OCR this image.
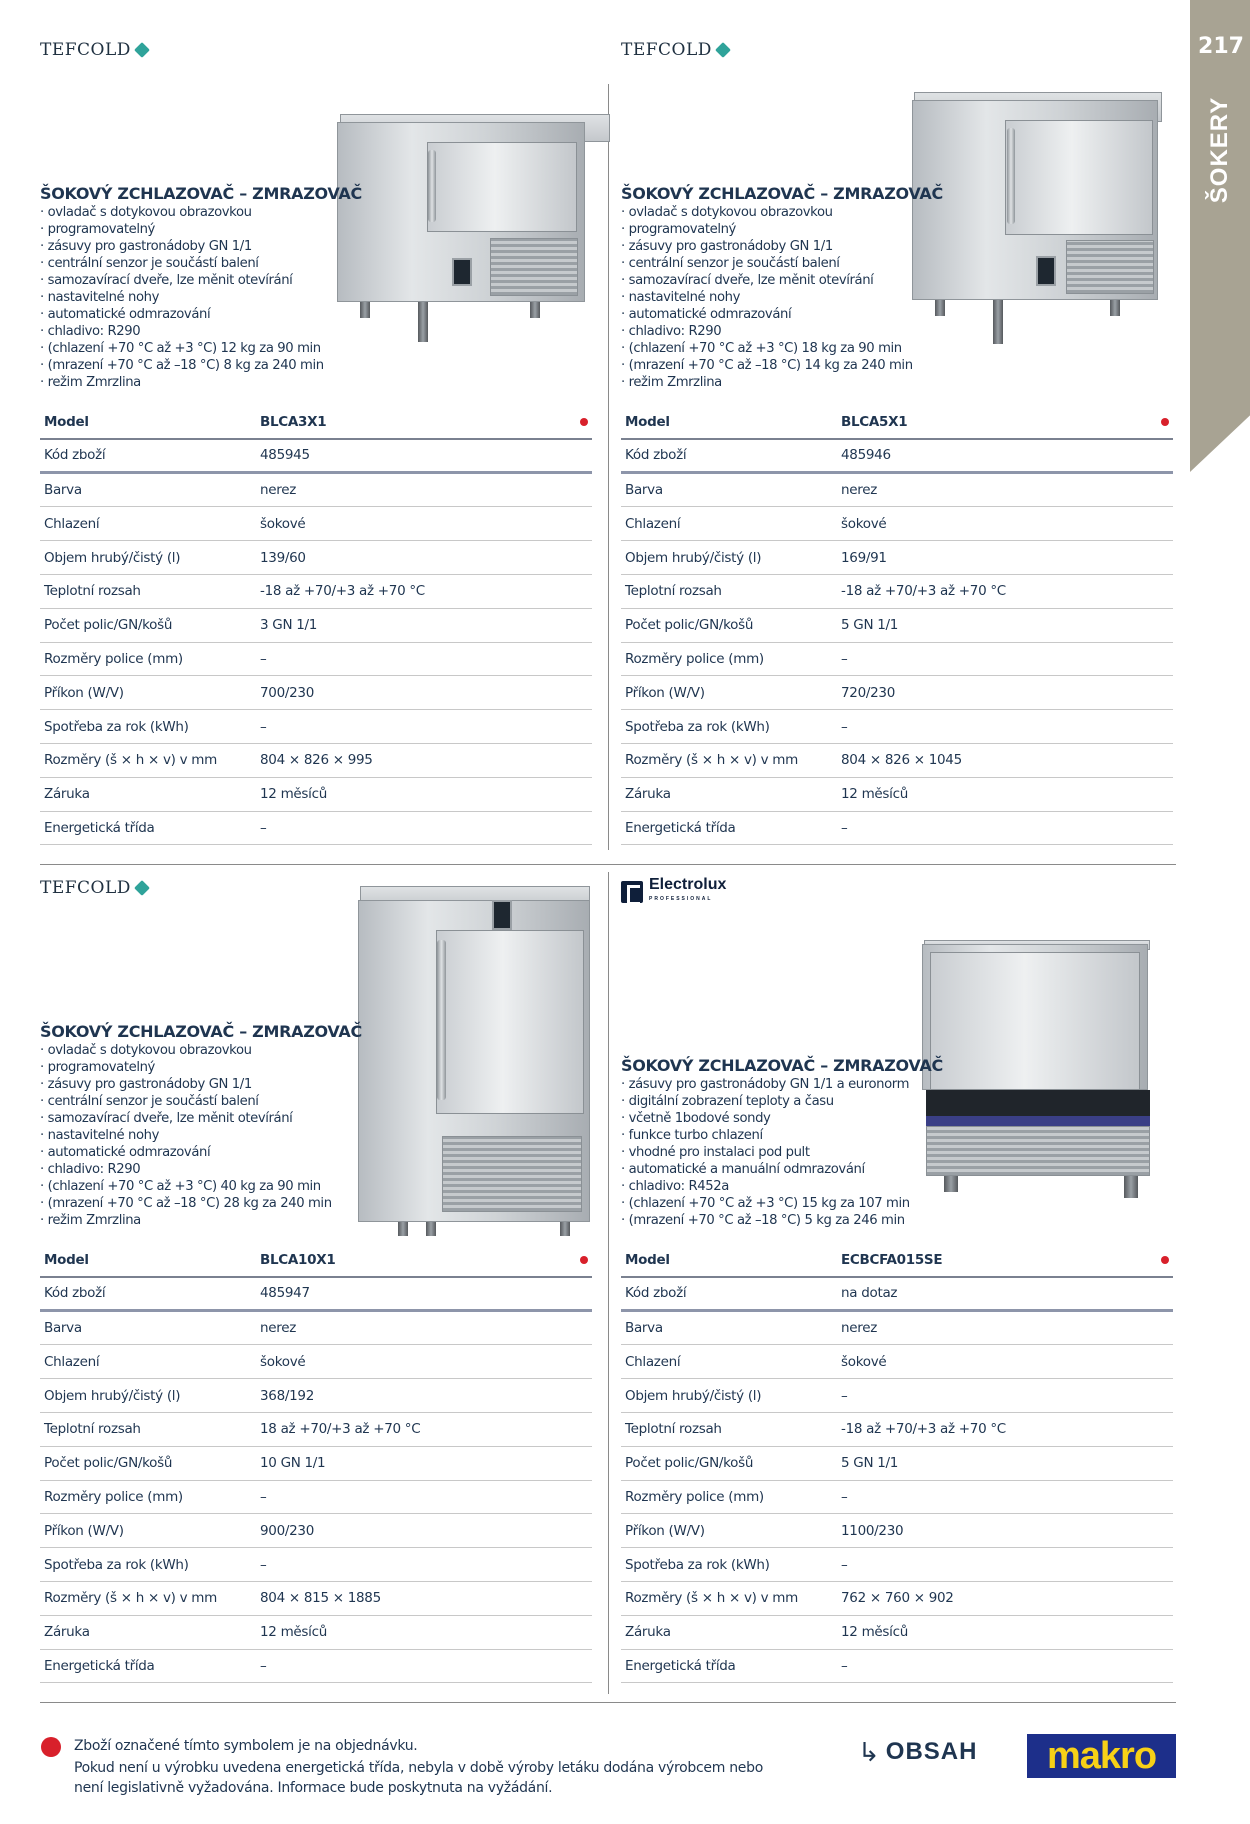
217
ŠOKERY
TEFCOLD
ŠOKOVÝ ZCHLAZOVAČ – ZMRAZOVAČ
· ovladač s dotykovou obrazovkou
· programovatelný
· zásuvy pro gastronádoby GN 1/1
· centrální senzor je součástí balení
· samozavírací dveře, lze měnit otevírání
· nastavitelné nohy
· automatické odmrazování
· chladivo: R290
· (chlazení +70 °C až +3 °C) 12 kg za 90 min
· (mrazení +70 °C až –18 °C) 8 kg za 240 min
· režim Zmrzlina
Model	BLCA3X1
Kód zboží	485945
Barva	nerez
Chlazení	šokové
Objem hrubý/čistý (l)	139/60
Teplotní rozsah	-18 až +70/+3 až +70 °C
Počet polic/GN/košů	3 GN 1/1
Rozměry police (mm)	–
Příkon (W/V)	700/230
Spotřeba za rok (kWh)	–
Rozměry (š × h × v) v mm	804 × 826 × 995
Záruka	12 měsíců
Energetická třída	–
TEFCOLD
ŠOKOVÝ ZCHLAZOVAČ – ZMRAZOVAČ
· ovladač s dotykovou obrazovkou
· programovatelný
· zásuvy pro gastronádoby GN 1/1
· centrální senzor je součástí balení
· samozavírací dveře, lze měnit otevírání
· nastavitelné nohy
· automatické odmrazování
· chladivo: R290
· (chlazení +70 °C až +3 °C) 18 kg za 90 min
· (mrazení +70 °C až –18 °C) 14 kg za 240 min
· režim Zmrzlina
Model	BLCA5X1
Kód zboží	485946
Barva	nerez
Chlazení	šokové
Objem hrubý/čistý (l)	169/91
Teplotní rozsah	-18 až +70/+3 až +70 °C
Počet polic/GN/košů	5 GN 1/1
Rozměry police (mm)	–
Příkon (W/V)	720/230
Spotřeba za rok (kWh)	–
Rozměry (š × h × v) v mm	804 × 826 × 1045
Záruka	12 měsíců
Energetická třída	–
TEFCOLD
ŠOKOVÝ ZCHLAZOVAČ – ZMRAZOVAČ
· ovladač s dotykovou obrazovkou
· programovatelný
· zásuvy pro gastronádoby GN 1/1
· centrální senzor je součástí balení
· samozavírací dveře, lze měnit otevírání
· nastavitelné nohy
· automatické odmrazování
· chladivo: R290
· (chlazení +70 °C až +3 °C) 40 kg za 90 min
· (mrazení +70 °C až –18 °C) 28 kg za 240 min
· režim Zmrzlina
Model	BLCA10X1
Kód zboží	485947
Barva	nerez
Chlazení	šokové
Objem hrubý/čistý (l)	368/192
Teplotní rozsah	18 až +70/+3 až +70 °C
Počet polic/GN/košů	10 GN 1/1
Rozměry police (mm)	–
Příkon (W/V)	900/230
Spotřeba za rok (kWh)	–
Rozměry (š × h × v) v mm	804 × 815 × 1885
Záruka	12 měsíců
Energetická třída	–
Electrolux
PROFESSIONAL
ŠOKOVÝ ZCHLAZOVAČ – ZMRAZOVAČ
· zásuvy pro gastronádoby GN 1/1 a euronorm
· digitální zobrazení teploty a času
· včetně 1bodové sondy
· funkce turbo chlazení
· vhodné pro instalaci pod pult
· automatické a manuální odmrazování
· chladivo: R452a
· (chlazení +70 °C až +3 °C) 15 kg za 107 min
· (mrazení +70 °C až –18 °C) 5 kg za 246 min
Model	ECBCFA015SE
Kód zboží	na dotaz
Barva	nerez
Chlazení	šokové
Objem hrubý/čistý (l)	–
Teplotní rozsah	-18 až +70/+3 až +70 °C
Počet polic/GN/košů	5 GN 1/1
Rozměry police (mm)	–
Příkon (W/V)	1100/230
Spotřeba za rok (kWh)	–
Rozměry (š × h × v) v mm	762 × 760 × 902
Záruka	12 měsíců
Energetická třída	–
Zboží označené tímto symbolem je na objednávku.
Pokud není u výrobku uvedena energetická třída, nebyla v době výroby letáku dodána výrobcem nebo není legislativně vyžadována. Informace bude poskytnuta na vyžádání.
↳ OBSAH	makro
